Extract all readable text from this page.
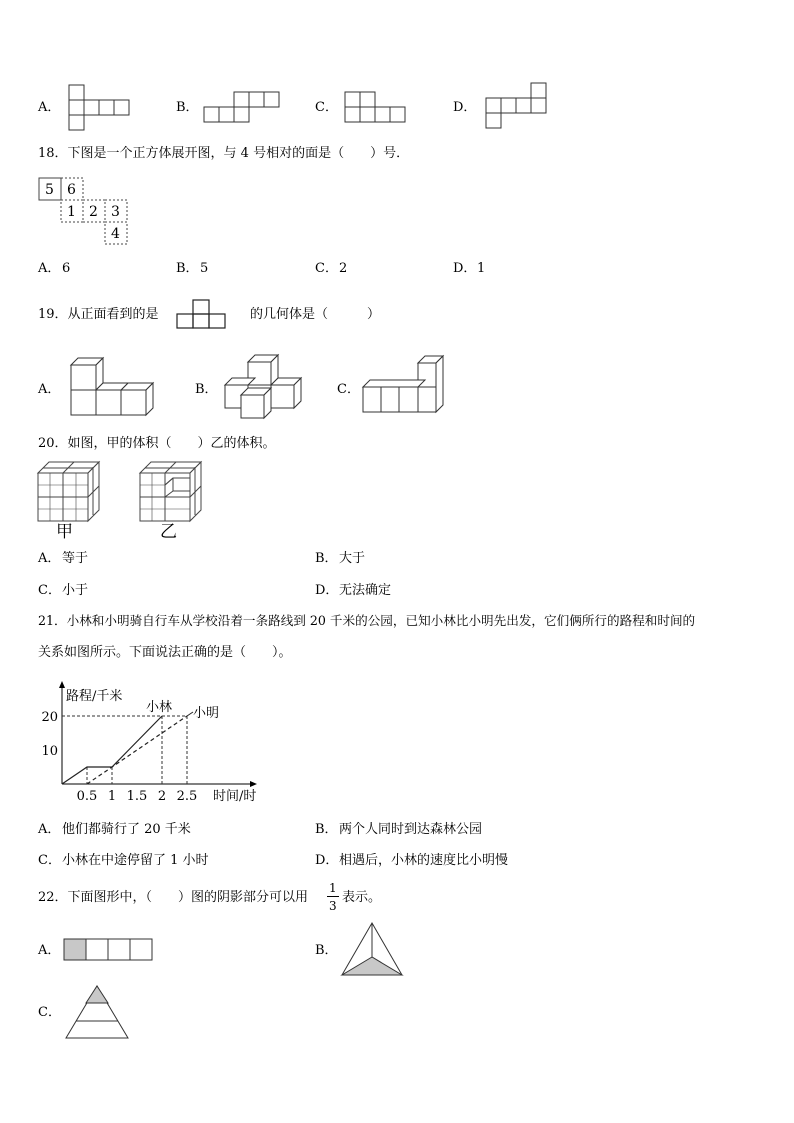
A．	B．	C．	D．
18．下图是一个正方体展开图，与 4 号相对的面是（　　）号．
5 6
1 2 3
4
A． 6	B． 5	C． 2	D． 1
19．从正面看到的是	的几何体是（　　　）
A．	B．	C．
20．如图，甲的体积（　　）乙的体积。
甲	乙
A． 等于	B． 大于
C． 小于	D． 无法确定
21．小林和小明骑自行车从学校沿着一条路线到 20 千米的公园，已知小林比小明先出发，它们俩所行的路程和时间的
关系如图所示。下面说法正确的是（　　）。
路程/千米
时间/时
0.5 1 1.5 2 2.5
10
20
小林 小明
A． 他们都骑行了 20 千米	B． 两个人同时到达森林公园
C． 小林在中途停留了 1 小时	D． 相遇后，小林的速度比小明慢
22．下面图形中，（　　）图的阴影部分可以用
1
3
表示。
A．	B．
C．
